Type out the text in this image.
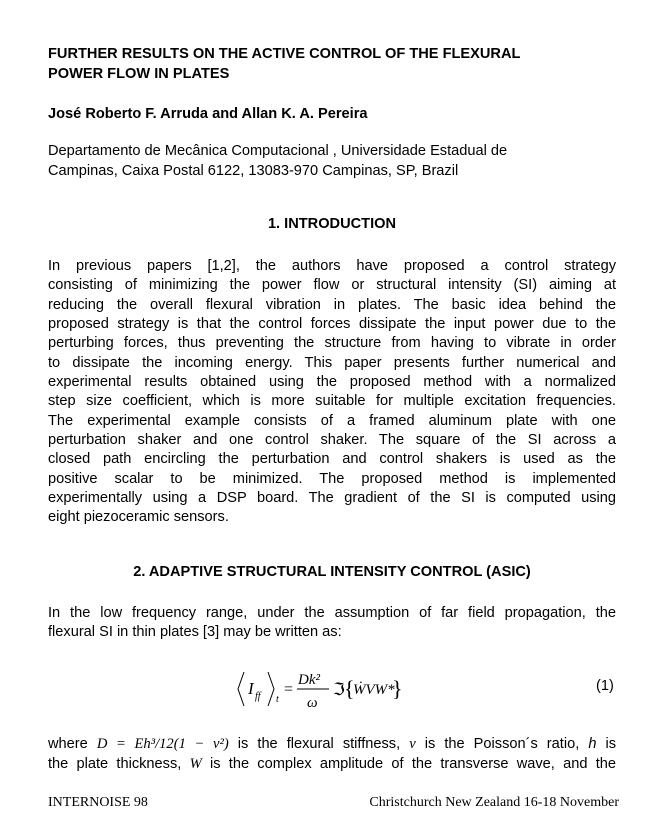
FURTHER RESULTS ON THE ACTIVE CONTROL OF THE FLEXURAL
POWER FLOW IN PLATES
José Roberto F. Arruda and Allan K. A. Pereira
Departamento de Mecânica Computacional , Universidade Estadual de
Campinas, Caixa Postal 6122, 13083-970 Campinas, SP, Brazil
1. INTRODUCTION
In previous papers [1,2], the authors have proposed a control strategy
consisting of minimizing the power flow or structural intensity (SI) aiming at
reducing the overall flexural vibration in plates. The basic idea behind the
proposed strategy is that the control forces dissipate the input power due to the
perturbing forces, thus preventing the structure from having to vibrate in order
to dissipate the incoming energy. This paper presents further numerical and
experimental results obtained using the proposed method with a normalized
step size coefficient, which is more suitable for multiple excitation frequencies.
The experimental example consists of a framed aluminum plate with one
perturbation shaker and one control shaker. The square of the SI across a
closed path encircling the perturbation and control shakers is used as the
positive scalar to be minimized. The proposed method is implemented
experimentally using a DSP board. The gradient of the SI is computed using
eight piezoceramic sensors.
2. ADAPTIVE STRUCTURAL INTENSITY CONTROL (ASIC)
In the low frequency range, under the assumption of far field propagation, the
flexural SI in thin plates [3] may be written as:
I ff t
=
Dk²
ω
ℑ {
ẆVW*
}	(1)
where D = Eh³/12(1 − ν²) is the flexural stiffness, ν is the Poisson´s ratio, h is
the plate thickness, W is the complex amplitude of the transverse wave, and the
INTERNOISE 98	Christchurch New Zealand 16-18 November
